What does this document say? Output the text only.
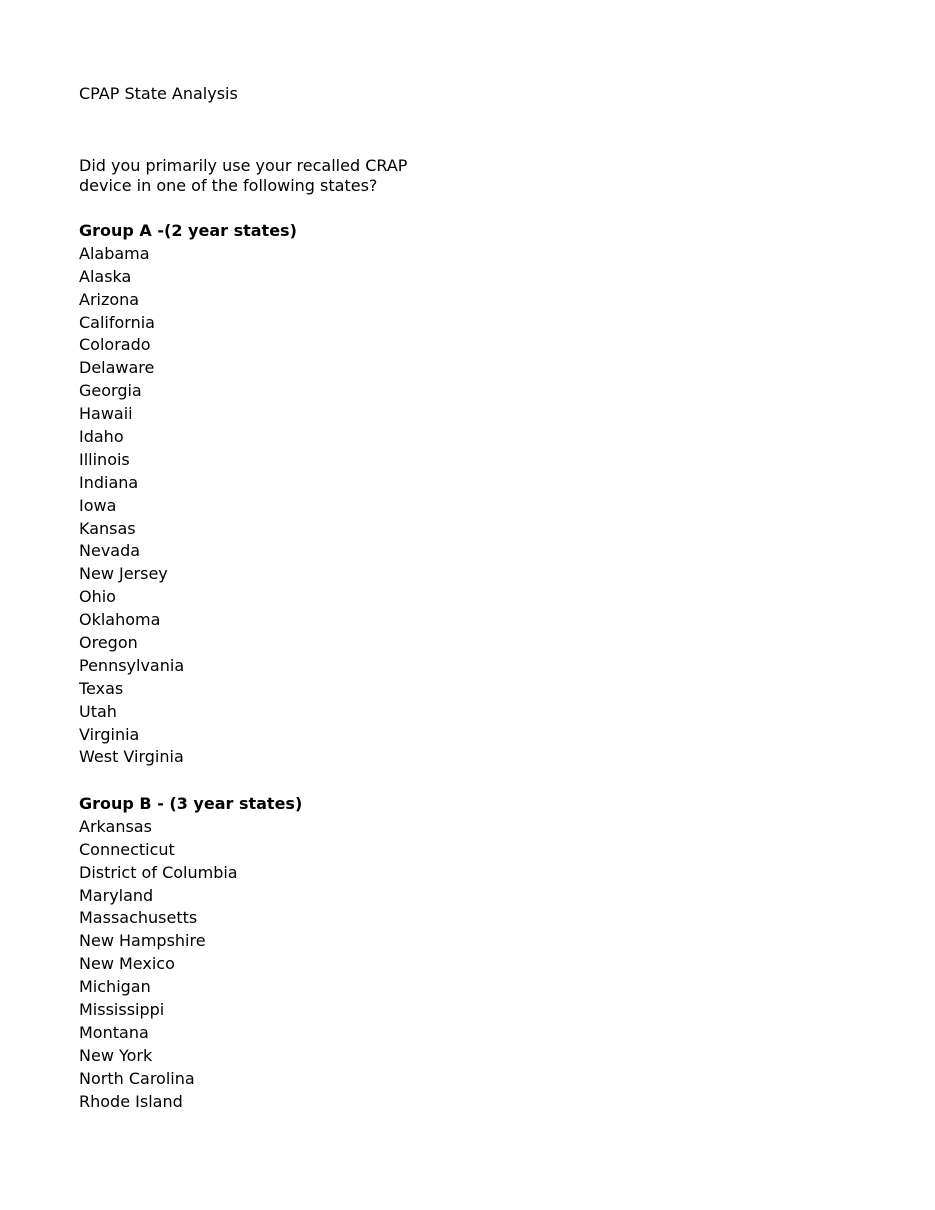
CPAP State Analysis
Did you primarily use your recalled CRAP
device in one of the following states?
Group A -(2 year states)
Alabama
Alaska
Arizona
California
Colorado
Delaware
Georgia
Hawaii
Idaho
Illinois
Indiana
Iowa
Kansas
Nevada
New Jersey
Ohio
Oklahoma
Oregon
Pennsylvania
Texas
Utah
Virginia
West Virginia
Group B - (3 year states)
Arkansas
Connecticut
District of Columbia
Maryland
Massachusetts
New Hampshire
New Mexico
Michigan
Mississippi
Montana
New York
North Carolina
Rhode Island
